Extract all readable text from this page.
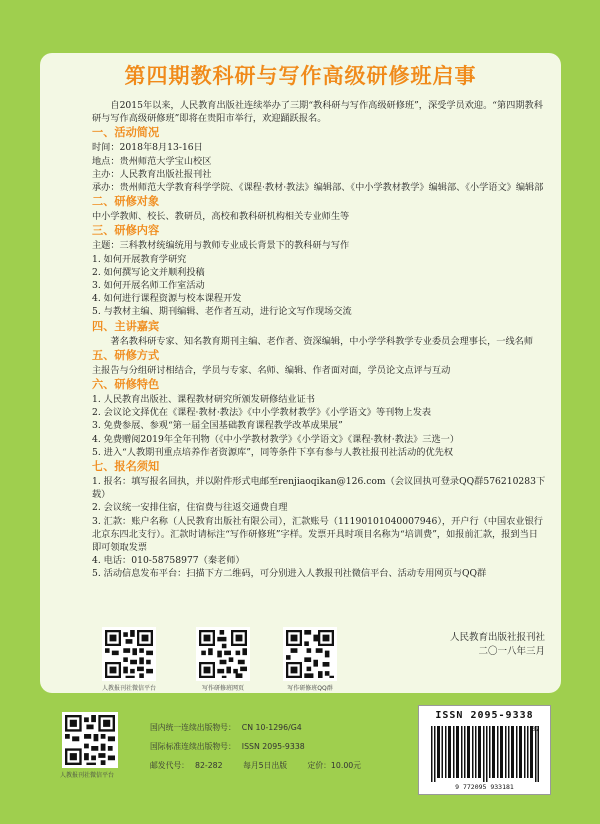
第四期教科研与写作高级研修班启事

自2015年以来，人民教育出版社连续举办了三期“教科研与写作高级研修班”，深受学员欢迎。“第四期教科研与写作高级研修班”即将在贵阳市举行，欢迎踊跃报名。

一、活动简况

时间：2018年8月13-16日

地点：贵州师范大学宝山校区

主办：人民教育出版社报刊社

承办：贵州师范大学教育科学学院、《课程·教材·教法》编辑部、《中小学教材教学》编辑部、《小学语文》编辑部

二、研修对象

中小学教师、校长、教研员，高校和教科研机构相关专业师生等

三、研修内容

主题：三科教材统编统用与教师专业成长背景下的教科研与写作

1. 如何开展教育学研究

2. 如何撰写论文并顺利投稿

3. 如何开展名师工作室活动

4. 如何进行课程资源与校本课程开发

5. 与教材主编、期刊编辑、老作者互动，进行论文写作现场交流

四、主讲嘉宾

著名教科研专家、知名教育期刊主编、老作者、资深编辑，中小学学科教学专业委员会理事长，一线名师

五、研修方式

主报告与分组研讨相结合，学员与专家、名师、编辑、作者面对面，学员论文点评与互动

六、研修特色

1. 人民教育出版社、课程教材研究所颁发研修结业证书

2. 会议论文择优在《课程·教材·教法》《中小学教材教学》《小学语文》等刊物上发表

3. 免费参展、参观“第一届全国基础教育课程教学改革成果展”

4. 免费赠阅2019年全年刊物（《中小学教材教学》《小学语文》《课程·教材·教法》三选一）

5. 进入“人教期刊重点培养作者资源库”，同等条件下享有参与人教社报刊社活动的优先权

七、报名须知

1. 报名：填写报名回执，并以附件形式电邮至renjiaoqikan@126.com（会议回执可登录QQ群576210283下载）

2. 会议统一安排住宿，住宿费与往返交通费自理

3. 汇款：账户名称（人民教育出版社有限公司），汇款账号（11190101040007946），开户行（中国农业银行北京东四北支行）。汇款时请标注“写作研修班”字样。发票开具时项目名称为“培训费”，如报前汇款，报到当日即可领取发票

4. 电话：010-58758977（秦老师）

5. 活动信息发布平台：扫描下方二维码，可分别进入人教报刊社微信平台、活动专用网页与QQ群

人民教育出版社报刊社
二〇一八年三月
人教报刊社微信平台	写作研修班网页	写作研修班QQ群
人教报刊社微信平台
国内统一连续出版物号： CN 10-1296/G4
国际标准连续出版物号： ISSN 2095-9338
邮发代号： 82-282	每月5日出版	定价：10.00元
ISSN 2095-9338
07
9 772095 933181
